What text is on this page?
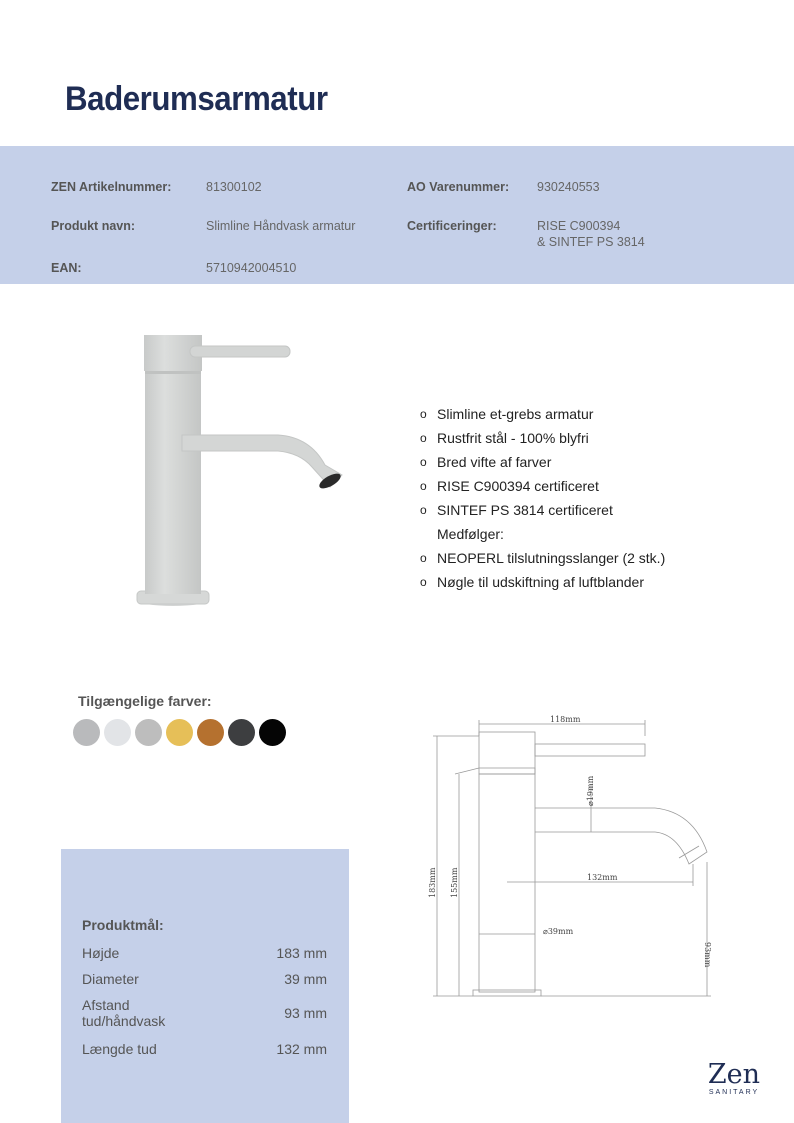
Baderumsarmatur
ZEN Artikelnummer:	81300102	AO Varenummer: 930240553
Produkt navn:	Slimline Håndvask armatur	Certificeringer:	RISE C900394
& SINTEF PS 3814
EAN:	5710942004510
o Slimline et-grebs armatur
o Rustfrit stål - 100% blyfri
o Bred vifte af farver
o RISE C900394 certificeret
o SINTEF PS 3814 certificeret
Medfølger:
o NEOPERL tilslutningsslanger (2 stk.)
o Nøgle til udskiftning af luftblander
Tilgængelige farver:
Produktmål:
Højde	183 mm
Diameter	39 mm
Afstand
tud/håndvask	93 mm
Længde tud	132 mm
118mm
⌀19mm
132mm
⌀39mm
183mm 155mm
93mm
Zen
SANITARY
